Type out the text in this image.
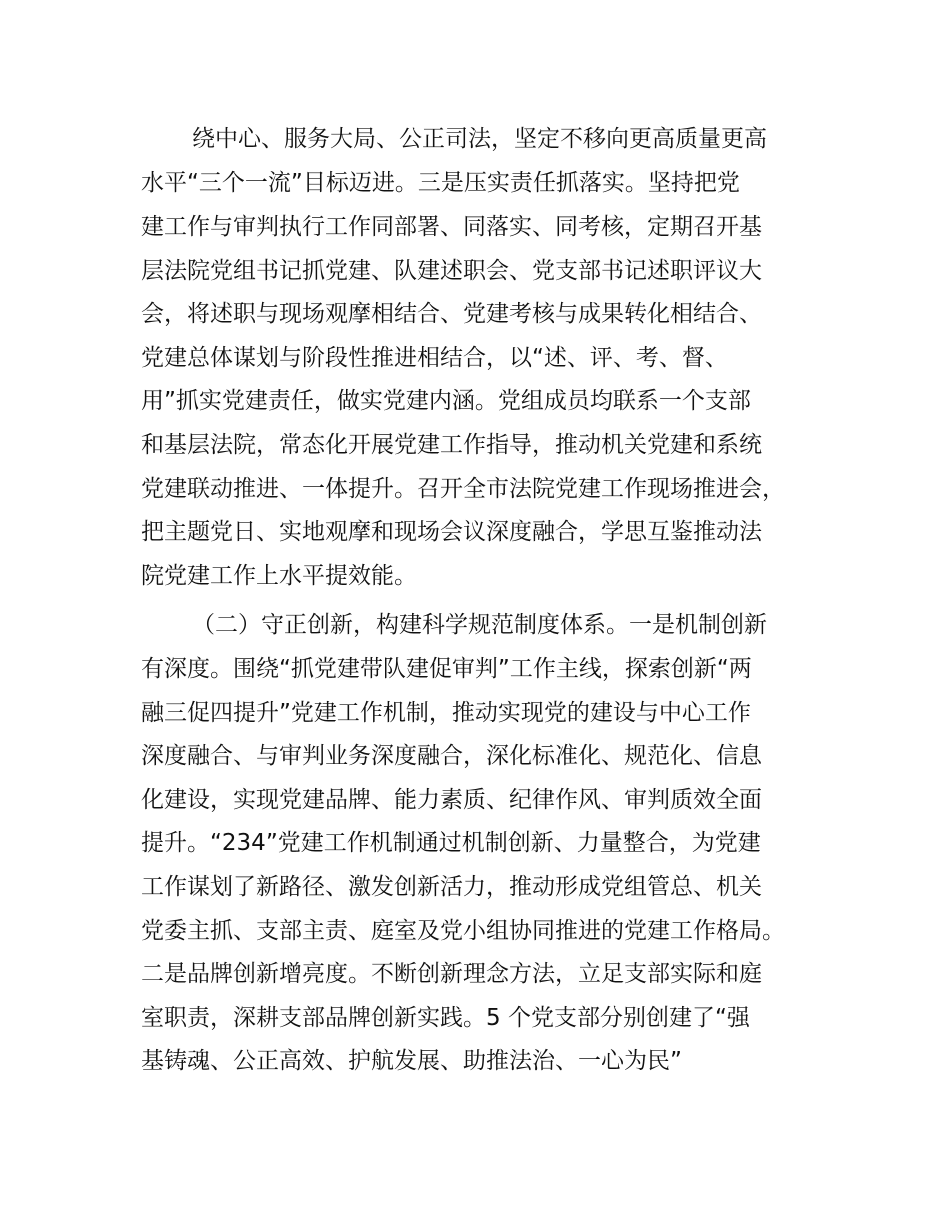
绕中心、服务大局、公正司法，坚定不移向更高质量更高
水平“三个一流”目标迈进。三是压实责任抓落实。坚持把党
建工作与审判执行工作同部署、同落实、同考核，定期召开基
层法院党组书记抓党建、队建述职会、党支部书记述职评议大
会，将述职与现场观摩相结合、党建考核与成果转化相结合、
党建总体谋划与阶段性推进相结合，以“述、评、考、督、
用”抓实党建责任，做实党建内涵。党组成员均联系一个支部
和基层法院，常态化开展党建工作指导，推动机关党建和系统
党建联动推进、一体提升。召开全市法院党建工作现场推进会，
把主题党日、实地观摩和现场会议深度融合，学思互鉴推动法
院党建工作上水平提效能。
（二）守正创新，构建科学规范制度体系。一是机制创新
有深度。围绕“抓党建带队建促审判”工作主线，探索创新“两
融三促四提升”党建工作机制，推动实现党的建设与中心工作
深度融合、与审判业务深度融合，深化标准化、规范化、信息
化建设，实现党建品牌、能力素质、纪律作风、审判质效全面
提升。“234”党建工作机制通过机制创新、力量整合，为党建
工作谋划了新路径、激发创新活力，推动形成党组管总、机关
党委主抓、支部主责、庭室及党小组协同推进的党建工作格局。
二是品牌创新增亮度。不断创新理念方法，立足支部实际和庭
室职责，深耕支部品牌创新实践。5 个党支部分别创建了“强
基铸魂、公正高效、护航发展、助推法治、一心为民”
